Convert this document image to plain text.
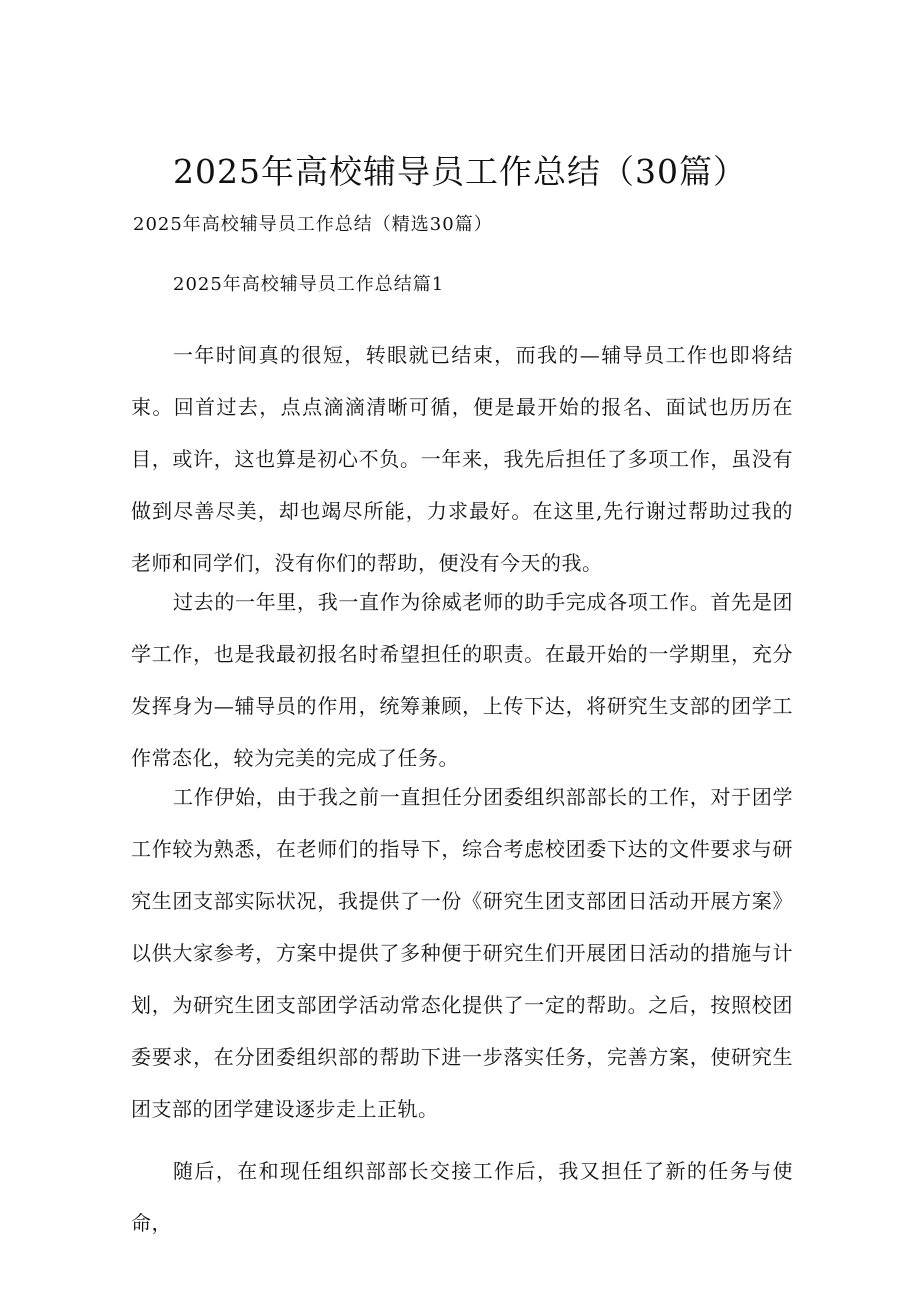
2025年高校辅导员工作总结（30篇）

2025年高校辅导员工作总结（精选30篇）

2025年高校辅导员工作总结篇1

一年时间真的很短，转眼就已结束，而我的—辅导员工作也即将结束。回首过去，点点滴滴清晰可循，便是最开始的报名、面试也历历在目，或许，这也算是初心不负。一年来，我先后担任了多项工作，虽没有做到尽善尽美，却也竭尽所能，力求最好。在这里,先行谢过帮助过我的老师和同学们，没有你们的帮助，便没有今天的我。

过去的一年里，我一直作为徐威老师的助手完成各项工作。首先是团学工作，也是我最初报名时希望担任的职责。在最开始的一学期里，充分发挥身为—辅导员的作用，统筹兼顾，上传下达，将研究生支部的团学工作常态化，较为完美的完成了任务。

工作伊始，由于我之前一直担任分团委组织部部长的工作，对于团学工作较为熟悉，在老师们的指导下，综合考虑校团委下达的文件要求与研究生团支部实际状况，我提供了一份《研究生团支部团日活动开展方案》以供大家参考，方案中提供了多种便于研究生们开展团日活动的措施与计划，为研究生团支部团学活动常态化提供了一定的帮助。之后，按照校团委要求，在分团委组织部的帮助下进一步落实任务，完善方案，使研究生团支部的团学建设逐步走上正轨。

随后，在和现任组织部部长交接工作后，我又担任了新的任务与使命，
